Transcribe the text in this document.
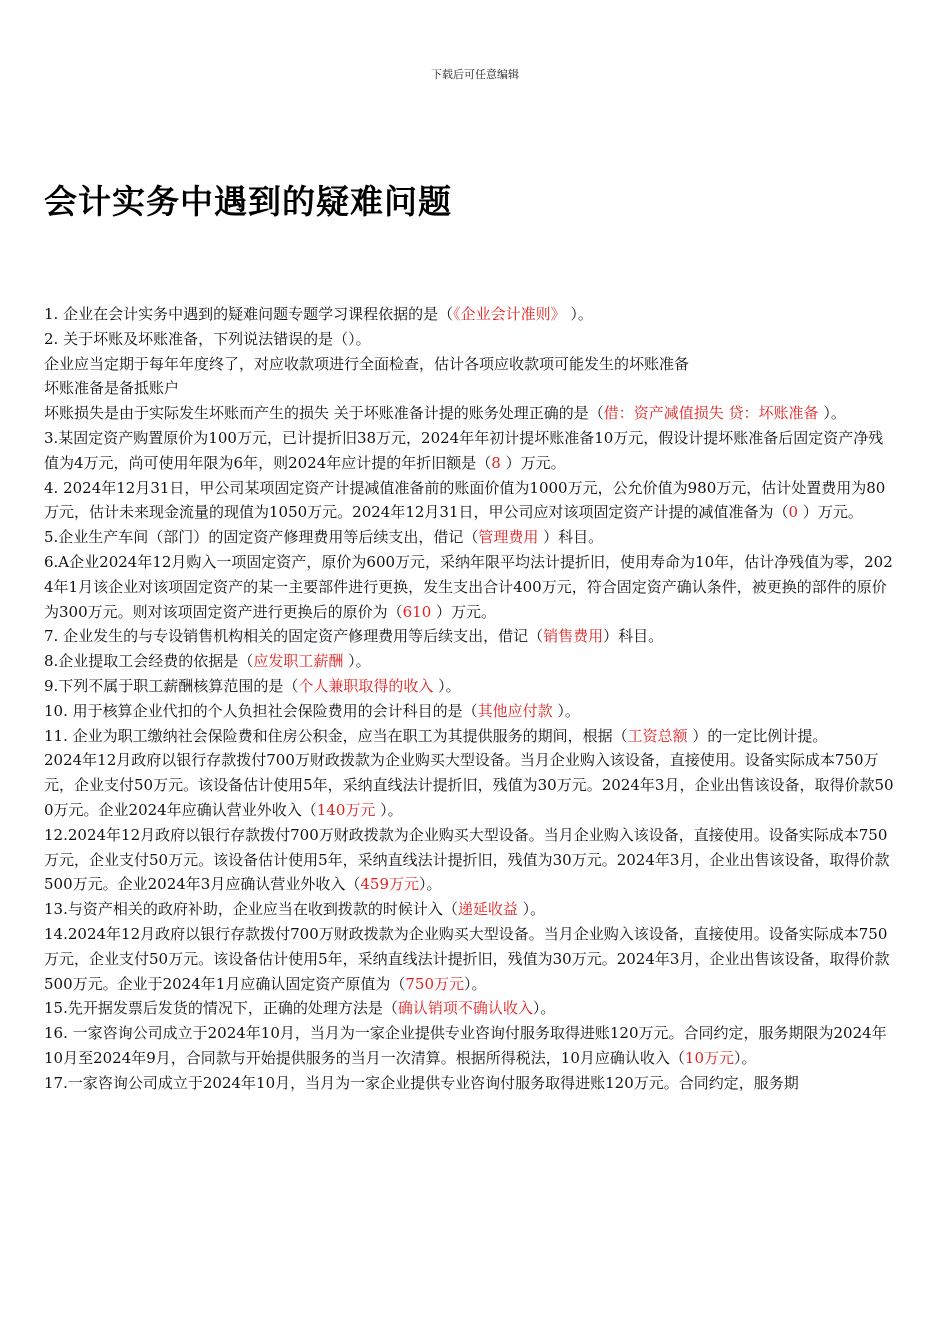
下载后可任意编辑
会计实务中遇到的疑难问题

1. 企业在会计实务中遇到的疑难问题专题学习课程依据的是（《企业会计准则》 ）。

2. 关于坏账及坏账准备，下列说法错误的是（）。

企业应当定期于每年年度终了，对应收款项进行全面检查，估计各项应收款项可能发生的坏账准备

坏账准备是备抵账户

坏账损失是由于实际发生坏账而产生的损失 关于坏账准备计提的账务处理正确的是（借：资产减值损失 贷：坏账准备 ）。

3.某固定资产购置原价为100万元，已计提折旧38万元，2024年年初计提坏账准备10万元，假设计提坏账准备后固定资产净残值为4万元，尚可使用年限为6年，则2024年应计提的年折旧额是（8 ）万元。

4. 2024年12月31日，甲公司某项固定资产计提减值准备前的账面价值为1000万元，公允价值为980万元，估计处置费用为80万元，估计未来现金流量的现值为1050万元。2024年12月31日，甲公司应对该项固定资产计提的减值准备为（0 ）万元。

5.企业生产车间（部门）的固定资产修理费用等后续支出，借记（管理费用 ）科目。

6.A企业2024年12月购入一项固定资产，原价为600万元，采纳年限平均法计提折旧，使用寿命为10年，估计净残值为零，2024年1月该企业对该项固定资产的某一主要部件进行更换，发生支出合计400万元，符合固定资产确认条件，被更换的部件的原价为300万元。则对该项固定资产进行更换后的原价为（610 ）万元。

7. 企业发生的与专设销售机构相关的固定资产修理费用等后续支出，借记（销售费用）科目。

8.企业提取工会经费的依据是（应发职工薪酬 ）。

9.下列不属于职工薪酬核算范围的是（个人兼职取得的收入 ）。

10. 用于核算企业代扣的个人负担社会保险费用的会计科目的是（其他应付款 ）。

11. 企业为职工缴纳社会保险费和住房公积金，应当在职工为其提供服务的期间，根据（工资总额 ）的一定比例计提。

2024年12月政府以银行存款拨付700万财政拨款为企业购买大型设备。当月企业购入该设备，直接使用。设备实际成本750万元，企业支付50万元。该设备估计使用5年，采纳直线法计提折旧，残值为30万元。2024年3月，企业出售该设备，取得价款500万元。企业2024年应确认营业外收入（140万元 ）。

12.2024年12月政府以银行存款拨付700万财政拨款为企业购买大型设备。当月企业购入该设备，直接使用。设备实际成本750万元，企业支付50万元。该设备估计使用5年，采纳直线法计提折旧，残值为30万元。2024年3月，企业出售该设备，取得价款500万元。企业2024年3月应确认营业外收入（459万元）。

13.与资产相关的政府补助，企业应当在收到拨款的时候计入（递延收益 ）。

14.2024年12月政府以银行存款拨付700万财政拨款为企业购买大型设备。当月企业购入该设备，直接使用。设备实际成本750万元，企业支付50万元。该设备估计使用5年，采纳直线法计提折旧，残值为30万元。2024年3月，企业出售该设备，取得价款500万元。企业于2024年1月应确认固定资产原值为（750万元）。

15.先开据发票后发货的情况下，正确的处理方法是（确认销项不确认收入）。

16. 一家咨询公司成立于2024年10月，当月为一家企业提供专业咨询付服务取得进账120万元。合同约定，服务期限为2024年10月至2024年9月，合同款与开始提供服务的当月一次清算。根据所得税法，10月应确认收入（10万元）。

17.一家咨询公司成立于2024年10月，当月为一家企业提供专业咨询付服务取得进账120万元。合同约定，服务期
